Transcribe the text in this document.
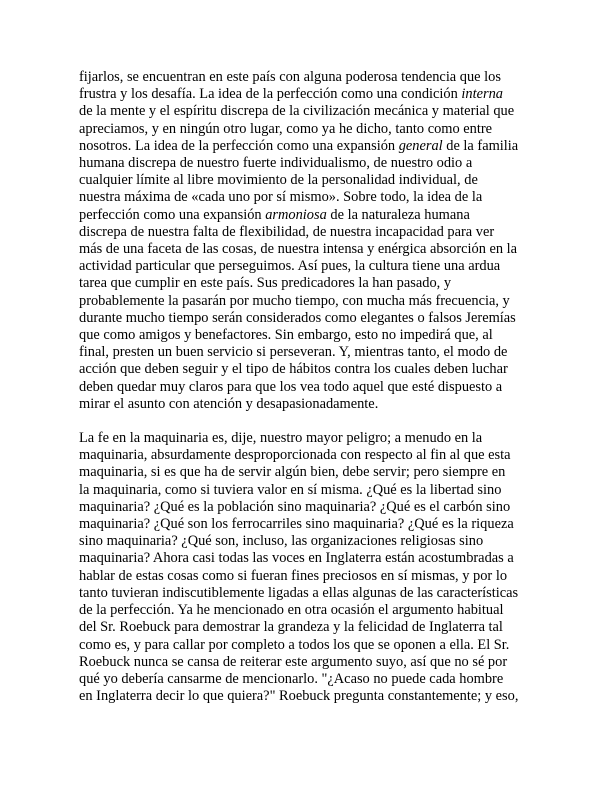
fijarlos, se encuentran en este país con alguna poderosa tendencia que los
frustra y los desafía. La idea de la perfección como una condición interna
de la mente y el espíritu discrepa de la civilización mecánica y material que
apreciamos, y en ningún otro lugar, como ya he dicho, tanto como entre
nosotros. La idea de la perfección como una expansión general de la familia
humana discrepa de nuestro fuerte individualismo, de nuestro odio a
cualquier límite al libre movimiento de la personalidad individual, de
nuestra máxima de «cada uno por sí mismo». Sobre todo, la idea de la
perfección como una expansión armoniosa de la naturaleza humana
discrepa de nuestra falta de flexibilidad, de nuestra incapacidad para ver
más de una faceta de las cosas, de nuestra intensa y enérgica absorción en la
actividad particular que perseguimos. Así pues, la cultura tiene una ardua
tarea que cumplir en este país. Sus predicadores la han pasado, y
probablemente la pasarán por mucho tiempo, con mucha más frecuencia, y
durante mucho tiempo serán considerados como elegantes o falsos Jeremías
que como amigos y benefactores. Sin embargo, esto no impedirá que, al
final, presten un buen servicio si perseveran. Y, mientras tanto, el modo de
acción que deben seguir y el tipo de hábitos contra los cuales deben luchar
deben quedar muy claros para que los vea todo aquel que esté dispuesto a
mirar el asunto con atención y desapasionadamente.

La fe en la maquinaria es, dije, nuestro mayor peligro; a menudo en la
maquinaria, absurdamente desproporcionada con respecto al fin al que esta
maquinaria, si es que ha de servir algún bien, debe servir; pero siempre en
la maquinaria, como si tuviera valor en sí misma. ¿Qué es la libertad sino
maquinaria? ¿Qué es la población sino maquinaria? ¿Qué es el carbón sino
maquinaria? ¿Qué son los ferrocarriles sino maquinaria? ¿Qué es la riqueza
sino maquinaria? ¿Qué son, incluso, las organizaciones religiosas sino
maquinaria? Ahora casi todas las voces en Inglaterra están acostumbradas a
hablar de estas cosas como si fueran fines preciosos en sí mismas, y por lo
tanto tuvieran indiscutiblemente ligadas a ellas algunas de las características
de la perfección. Ya he mencionado en otra ocasión el argumento habitual
del Sr. Roebuck para demostrar la grandeza y la felicidad de Inglaterra tal
como es, y para callar por completo a todos los que se oponen a ella. El Sr.
Roebuck nunca se cansa de reiterar este argumento suyo, así que no sé por
qué yo debería cansarme de mencionarlo. "¿Acaso no puede cada hombre
en Inglaterra decir lo que quiera?" Roebuck pregunta constantemente; y eso,
